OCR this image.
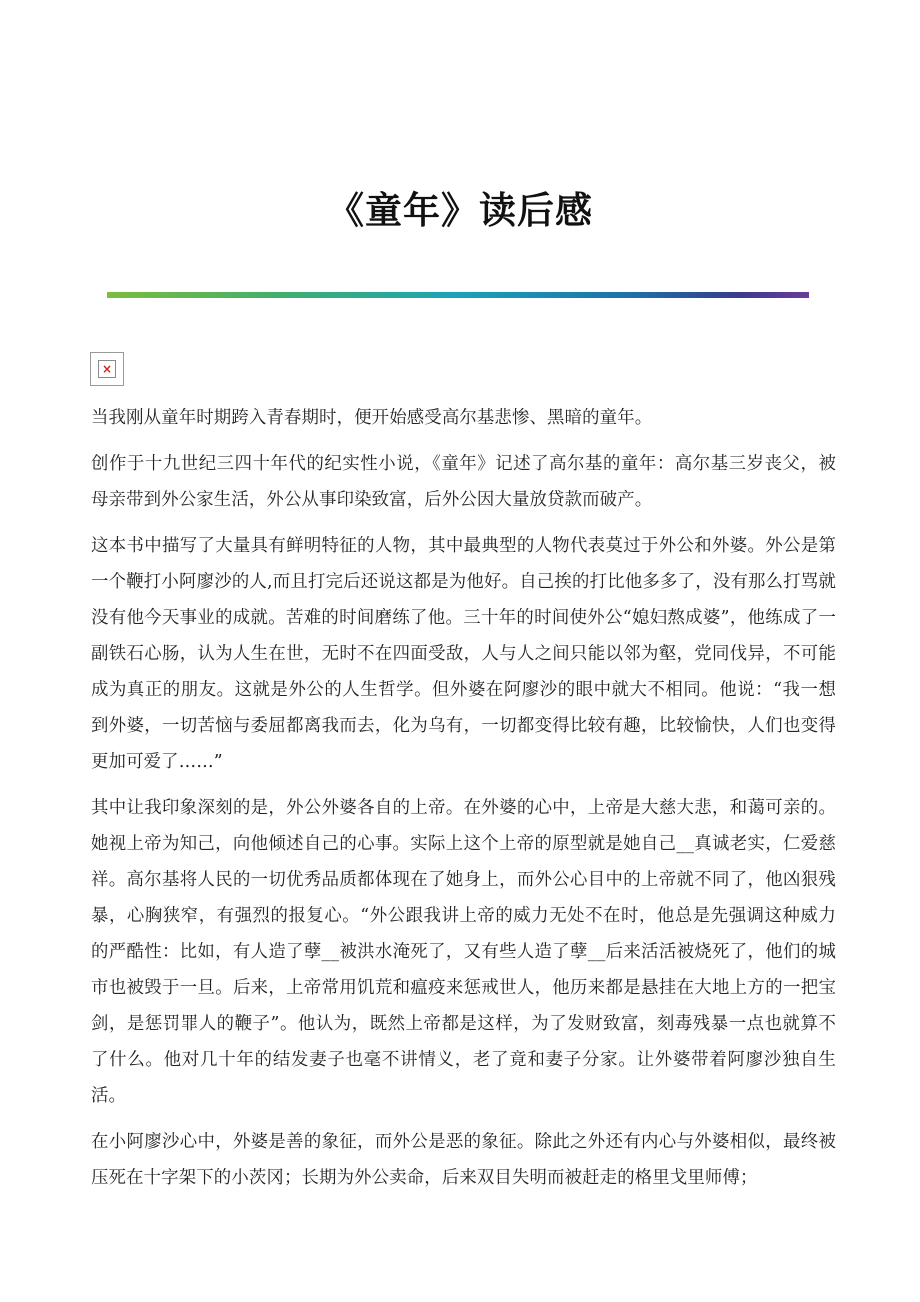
《童年》读后感
×

当我刚从童年时期跨入青春期时，便开始感受高尔基悲惨、黑暗的童年。

创作于十九世纪三四十年代的纪实性小说，《童年》记述了高尔基的童年：高尔基三岁丧父，被母亲带到外公家生活，外公从事印染致富，后外公因大量放贷款而破产。

这本书中描写了大量具有鲜明特征的人物，其中最典型的人物代表莫过于外公和外婆。外公是第一个鞭打小阿廖沙的人,而且打完后还说这都是为他好。自己挨的打比他多多了，没有那么打骂就没有他今天事业的成就。苦难的时间磨练了他。三十年的时间使外公“媳妇熬成婆”，他练成了一副铁石心肠，认为人生在世，无时不在四面受敌，人与人之间只能以邻为壑，党同伐异，不可能成为真正的朋友。这就是外公的人生哲学。但外婆在阿廖沙的眼中就大不相同。他说：“我一想到外婆，一切苦恼与委屈都离我而去，化为乌有，一切都变得比较有趣，比较愉快，人们也变得更加可爱了……”

其中让我印象深刻的是，外公外婆各自的上帝。在外婆的心中，上帝是大慈大悲，和蔼可亲的。她视上帝为知己，向他倾述自己的心事。实际上这个上帝的原型就是她自己__真诚老实，仁爱慈祥。高尔基将人民的一切优秀品质都体现在了她身上，而外公心目中的上帝就不同了，他凶狠残暴，心胸狭窄，有强烈的报复心。“外公跟我讲上帝的威力无处不在时，他总是先强调这种威力的严酷性：比如，有人造了孽__被洪水淹死了，又有些人造了孽__后来活活被烧死了，他们的城市也被毁于一旦。后来，上帝常用饥荒和瘟疫来惩戒世人，他历来都是悬挂在大地上方的一把宝剑，是惩罚罪人的鞭子”。他认为，既然上帝都是这样，为了发财致富，刻毒残暴一点也就算不了什么。他对几十年的结发妻子也毫不讲情义，老了竟和妻子分家。让外婆带着阿廖沙独自生活。

在小阿廖沙心中，外婆是善的象征，而外公是恶的象征。除此之外还有内心与外婆相似，最终被压死在十字架下的小茨冈；长期为外公卖命，后来双目失明而被赶走的格里戈里师傅；
